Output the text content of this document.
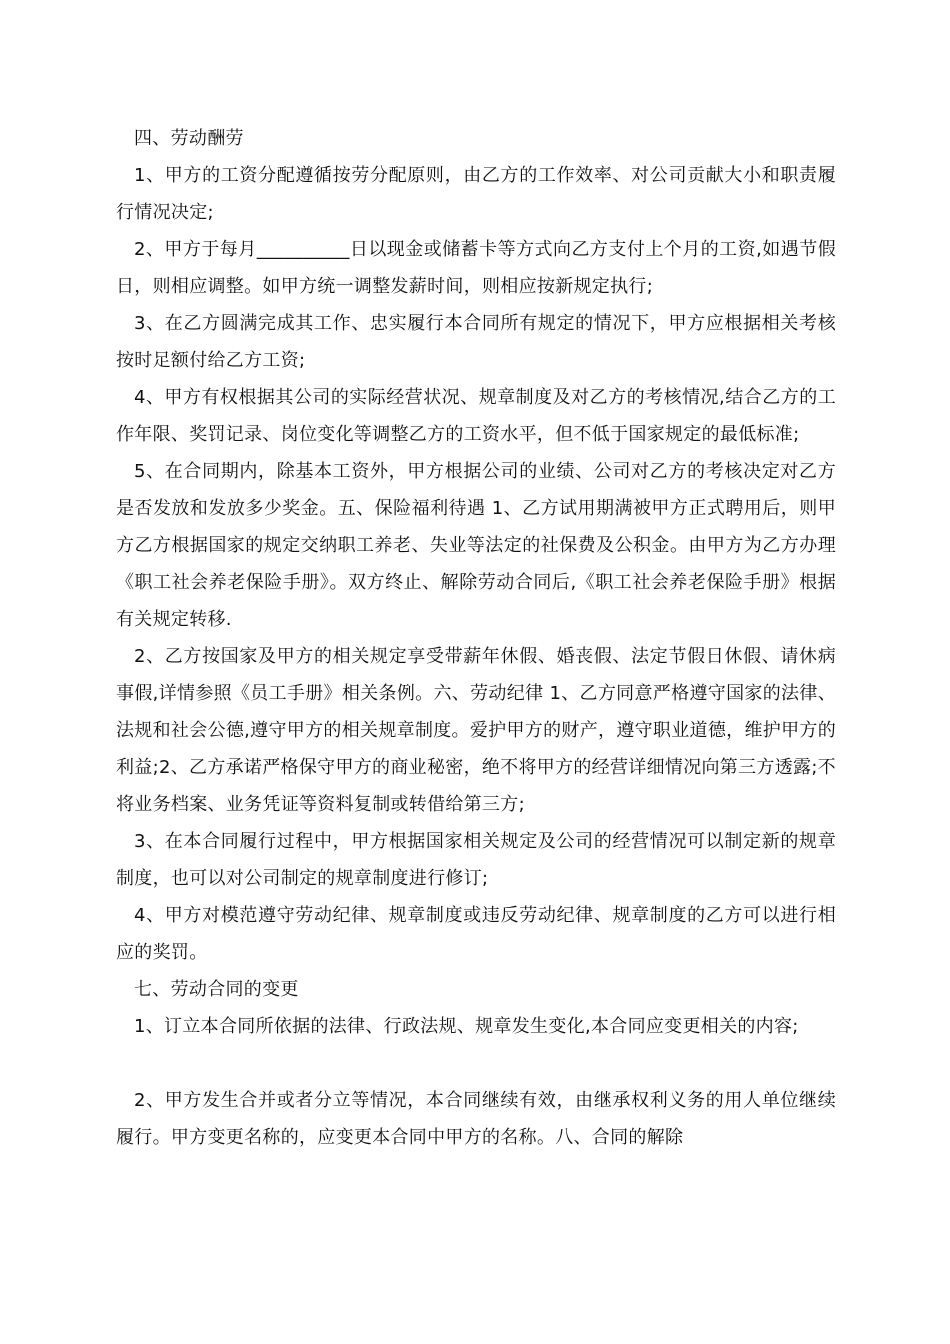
四、劳动酬劳

1、甲方的工资分配遵循按劳分配原则，由乙方的工作效率、对公司贡献大小和职责履行情况决定;

2、甲方于每月__________日以现金或储蓄卡等方式向乙方支付上个月的工资,如遇节假日，则相应调整。如甲方统一调整发薪时间，则相应按新规定执行;

3、在乙方圆满完成其工作、忠实履行本合同所有规定的情况下，甲方应根据相关考核按时足额付给乙方工资;

4、甲方有权根据其公司的实际经营状况、规章制度及对乙方的考核情况,结合乙方的工作年限、奖罚记录、岗位变化等调整乙方的工资水平，但不低于国家规定的最低标准;

5、在合同期内，除基本工资外，甲方根据公司的业绩、公司对乙方的考核决定对乙方是否发放和发放多少奖金。五、保险福利待遇 1、乙方试用期满被甲方正式聘用后，则甲方乙方根据国家的规定交纳职工养老、失业等法定的社保费及公积金。由甲方为乙方办理《职工社会养老保险手册》。双方终止、解除劳动合同后,《职工社会养老保险手册》根据有关规定转移.

2、乙方按国家及甲方的相关规定享受带薪年休假、婚丧假、法定节假日休假、请休病事假,详情参照《员工手册》相关条例。六、劳动纪律 1、乙方同意严格遵守国家的法律、法规和社会公德,遵守甲方的相关规章制度。爱护甲方的财产，遵守职业道德，维护甲方的利益;2、乙方承诺严格保守甲方的商业秘密，绝不将甲方的经营详细情况向第三方透露;不将业务档案、业务凭证等资料复制或转借给第三方;

3、在本合同履行过程中，甲方根据国家相关规定及公司的经营情况可以制定新的规章制度，也可以对公司制定的规章制度进行修订;

4、甲方对模范遵守劳动纪律、规章制度或违反劳动纪律、规章制度的乙方可以进行相应的奖罚。

七、劳动合同的变更

1、订立本合同所依据的法律、行政法规、规章发生变化,本合同应变更相关的内容;

2、甲方发生合并或者分立等情况，本合同继续有效，由继承权利义务的用人单位继续履行。甲方变更名称的，应变更本合同中甲方的名称。八、合同的解除
